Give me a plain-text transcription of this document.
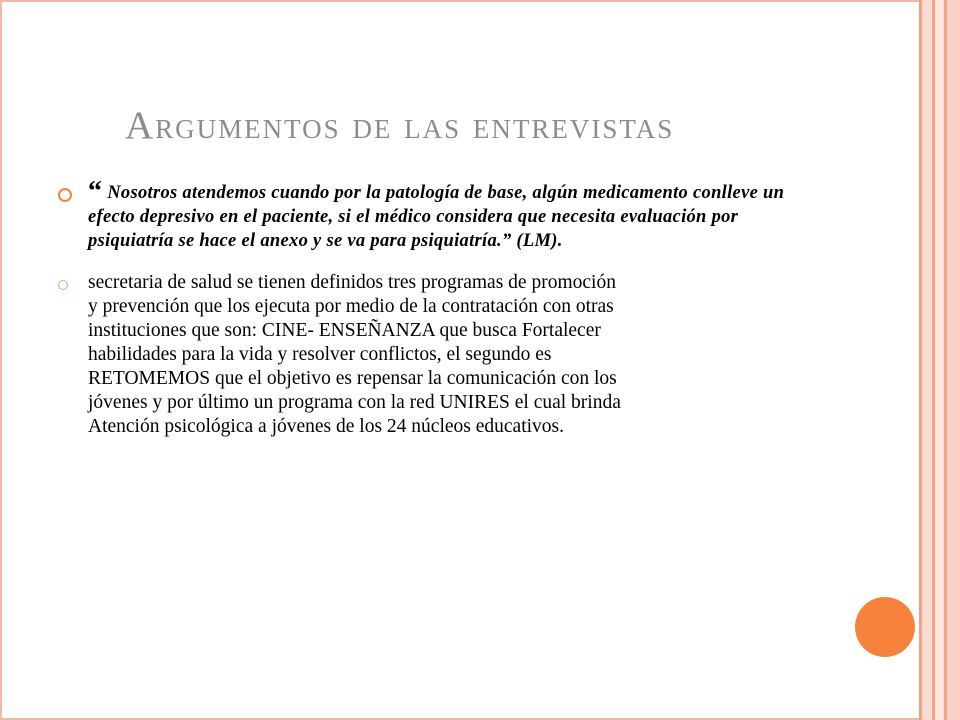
Argumentos de las entrevistas
“ Nosotros atendemos cuando por la patología de base, algún medicamento conlleve un efecto depresivo en el paciente, si el médico considera que necesita evaluación por psiquiatría se hace el anexo y se va para psiquiatría.” (LM).
secretaria de salud se tienen definidos tres programas de promoción
y prevención que los ejecuta por medio de la contratación con otras
instituciones que son: CINE- ENSEÑANZA que busca Fortalecer
habilidades para la vida y resolver conflictos, el segundo es
RETOMEMOS que el objetivo es repensar la comunicación con los
jóvenes y por último un programa con la red UNIRES el cual brinda
Atención psicológica a jóvenes de los 24 núcleos educativos.
